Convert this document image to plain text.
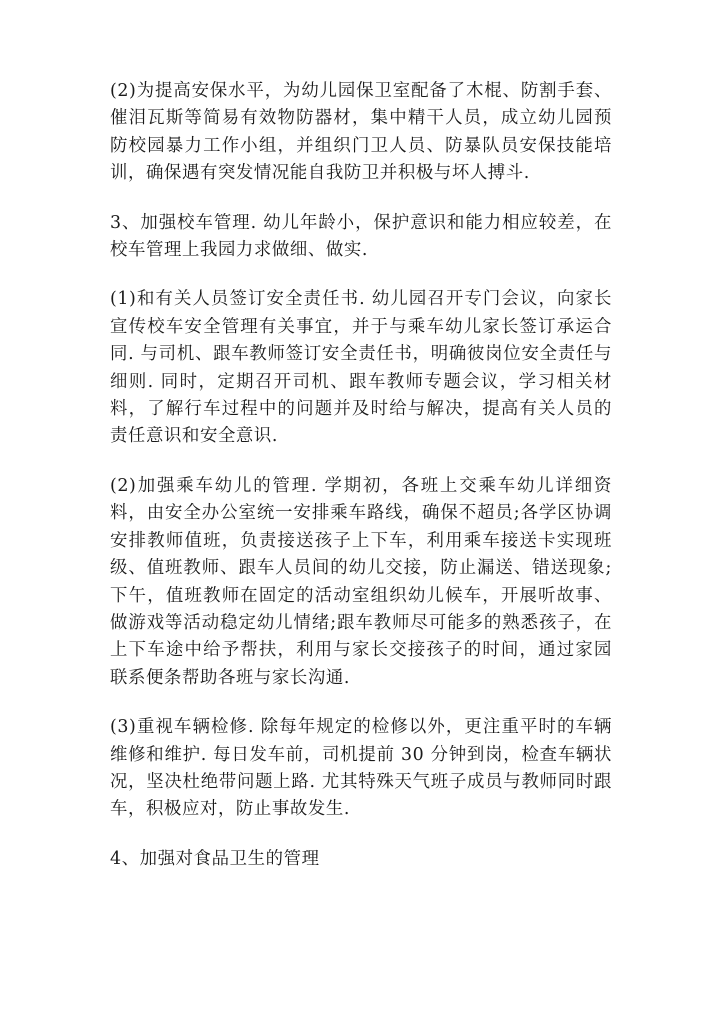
(2)为提高安保水平，为幼儿园保卫室配备了木棍、防割手套、催泪瓦斯等简易有效物防器材，集中精干人员，成立幼儿园预防校园暴力工作小组，并组织门卫人员、防暴队员安保技能培训，确保遇有突发情况能自我防卫并积极与坏人搏斗.

3、加强校车管理. 幼儿年龄小，保护意识和能力相应较差，在校车管理上我园力求做细、做实.

(1)和有关人员签订安全责任书. 幼儿园召开专门会议，向家长宣传校车安全管理有关事宜，并于与乘车幼儿家长签订承运合同. 与司机、跟车教师签订安全责任书，明确彼岗位安全责任与细则. 同时，定期召开司机、跟车教师专题会议，学习相关材料，了解行车过程中的问题并及时给与解决，提高有关人员的责任意识和安全意识.

(2)加强乘车幼儿的管理. 学期初，各班上交乘车幼儿详细资料，由安全办公室统一安排乘车路线，确保不超员;各学区协调安排教师值班，负责接送孩子上下车，利用乘车接送卡实现班级、值班教师、跟车人员间的幼儿交接，防止漏送、错送现象;下午，值班教师在固定的活动室组织幼儿候车，开展听故事、做游戏等活动稳定幼儿情绪;跟车教师尽可能多的熟悉孩子，在上下车途中给予帮扶，利用与家长交接孩子的时间，通过家园联系便条帮助各班与家长沟通.

(3)重视车辆检修. 除每年规定的检修以外，更注重平时的车辆维修和维护. 每日发车前，司机提前 30 分钟到岗，检查车辆状况，坚决杜绝带问题上路. 尤其特殊天气班子成员与教师同时跟车，积极应对，防止事故发生.

4、加强对食品卫生的管理
